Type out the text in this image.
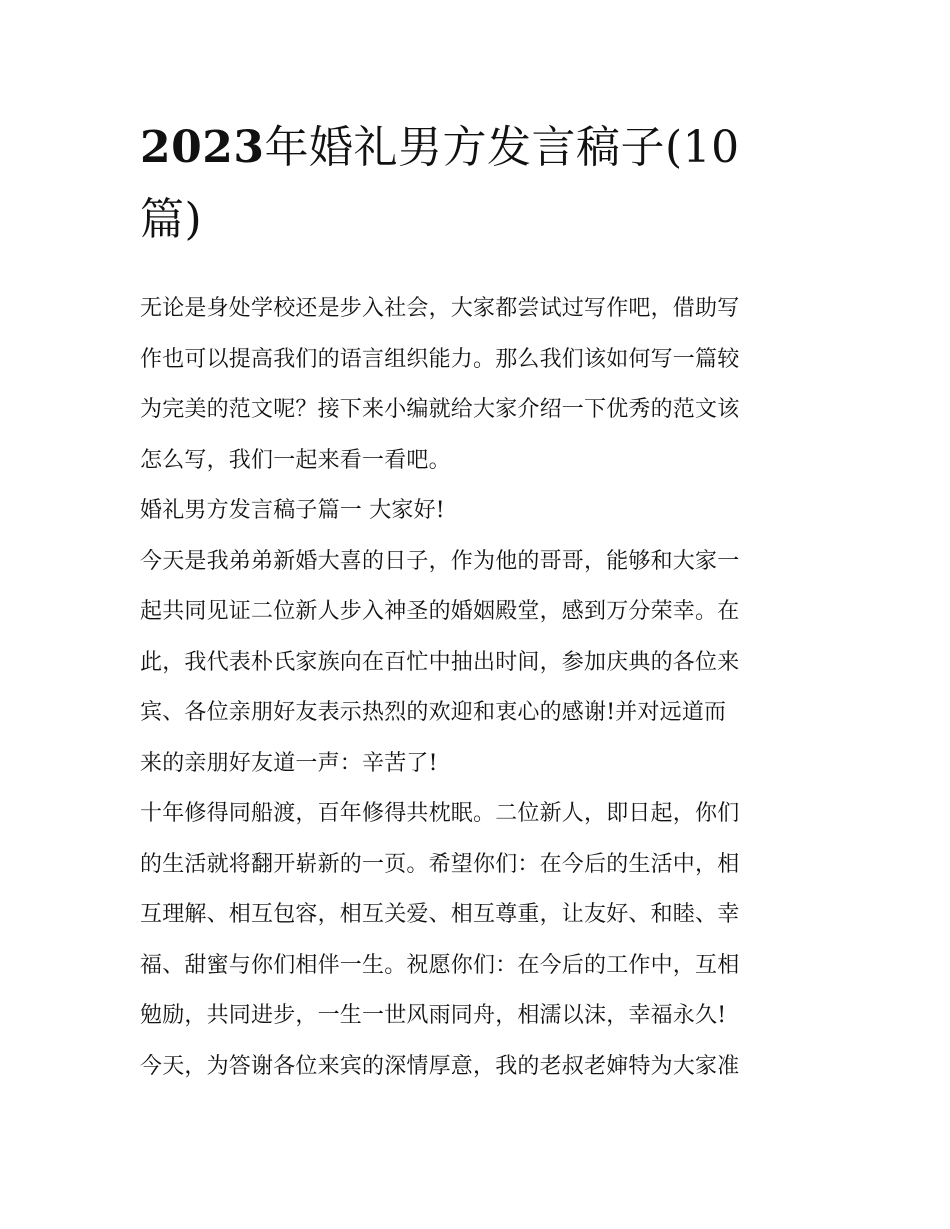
2023年婚礼男方发言稿子(10
篇)
无论是身处学校还是步入社会，大家都尝试过写作吧，借助写
作也可以提高我们的语言组织能力。那么我们该如何写一篇较
为完美的范文呢？接下来小编就给大家介绍一下优秀的范文该
怎么写，我们一起来看一看吧。
婚礼男方发言稿子篇一 大家好!
今天是我弟弟新婚大喜的日子，作为他的哥哥，能够和大家一
起共同见证二位新人步入神圣的婚姻殿堂，感到万分荣幸。在
此，我代表朴氏家族向在百忙中抽出时间，参加庆典的各位来
宾、各位亲朋好友表示热烈的欢迎和衷心的感谢!并对远道而
来的亲朋好友道一声：辛苦了!
十年修得同船渡，百年修得共枕眠。二位新人，即日起，你们
的生活就将翻开崭新的一页。希望你们：在今后的生活中，相
互理解、相互包容，相互关爱、相互尊重，让友好、和睦、幸
福、甜蜜与你们相伴一生。祝愿你们：在今后的工作中，互相
勉励，共同进步，一生一世风雨同舟，相濡以沫，幸福永久!
今天，为答谢各位来宾的深情厚意，我的老叔老婶特为大家准
